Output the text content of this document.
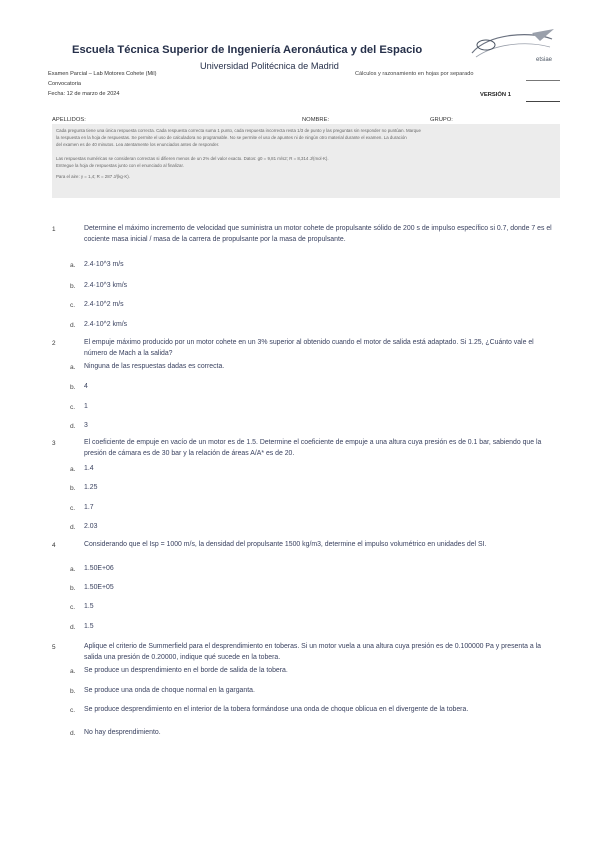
Escuela Técnica Superior de Ingeniería Aeronáutica y del Espacio
Universidad Politécnica de Madrid
etsiae
Examen Parcial – Lab Motores Cohete (Mil)
Convocatoria
Fecha: 12 de marzo de 2024
Cálculos y razonamiento en hojas por separado
VERSIÓN 1
APELLIDOS:	NOMBRE:	GRUPO:
Cada pregunta tiene una única respuesta correcta. Cada respuesta correcta suma 1 punto, cada respuesta incorrecta resta 1/3 de punto y las preguntas sin responder no puntúan. Marque
la respuesta en la hoja de respuestas. Se permite el uso de calculadora no programable. No se permite el uso de apuntes ni de ningún otro material durante el examen. La duración
del examen es de 40 minutos. Lea atentamente los enunciados antes de responder.
Las respuestas numéricas se consideran correctas si difieren menos de un 2% del valor exacto. Datos: g0 = 9,81 m/s2; R = 8,314 J/(mol·K).
Entregue la hoja de respuestas junto con el enunciado al finalizar.
Para el aire: γ = 1,4; R = 287 J/(kg·K).
1	Determine el máximo incremento de velocidad que suministra un motor cohete de propulsante sólido de 200 s de impulso específico si 0.7, donde 7 es el cociente masa inicial / masa de la carrera de propulsante por la masa de propulsante.
a. 2.4·10^3 m/s
b. 2.4·10^3 km/s
c. 2.4·10^2 m/s
d. 2.4·10^2 km/s
2	El empuje máximo producido por un motor cohete en un 3% superior al obtenido cuando el motor de salida está adaptado. Si 1.25, ¿Cuánto vale el número de Mach a la salida?
a. Ninguna de las respuestas dadas es correcta.
b. 4
c. 1
d. 3
3	El coeficiente de empuje en vacío de un motor es de 1.5. Determine el coeficiente de empuje a una altura cuya presión es de 0.1 bar, sabiendo que la presión de cámara es de 30 bar y la relación de áreas A/A* es de 20.
a. 1.4
b. 1.25
c. 1.7
d. 2.03
4	Considerando que el Isp = 1000 m/s, la densidad del propulsante 1500 kg/m3, determine el impulso volumétrico en unidades del SI.
a. 1.50E+06
b. 1.50E+05
c. 1.5
d. 1.5
5	Aplique el criterio de Summerfield para el desprendimiento en toberas. Si un motor vuela a una altura cuya presión es de 0.100000 Pa y presenta a la salida una presión de 0.20000, indique qué sucede en la tobera.
a. Se produce un desprendimiento en el borde de salida de la tobera.
b. Se produce una onda de choque normal en la garganta.
c. Se produce desprendimiento en el interior de la tobera formándose una onda de choque oblicua en el divergente de la tobera.
d. No hay desprendimiento.
